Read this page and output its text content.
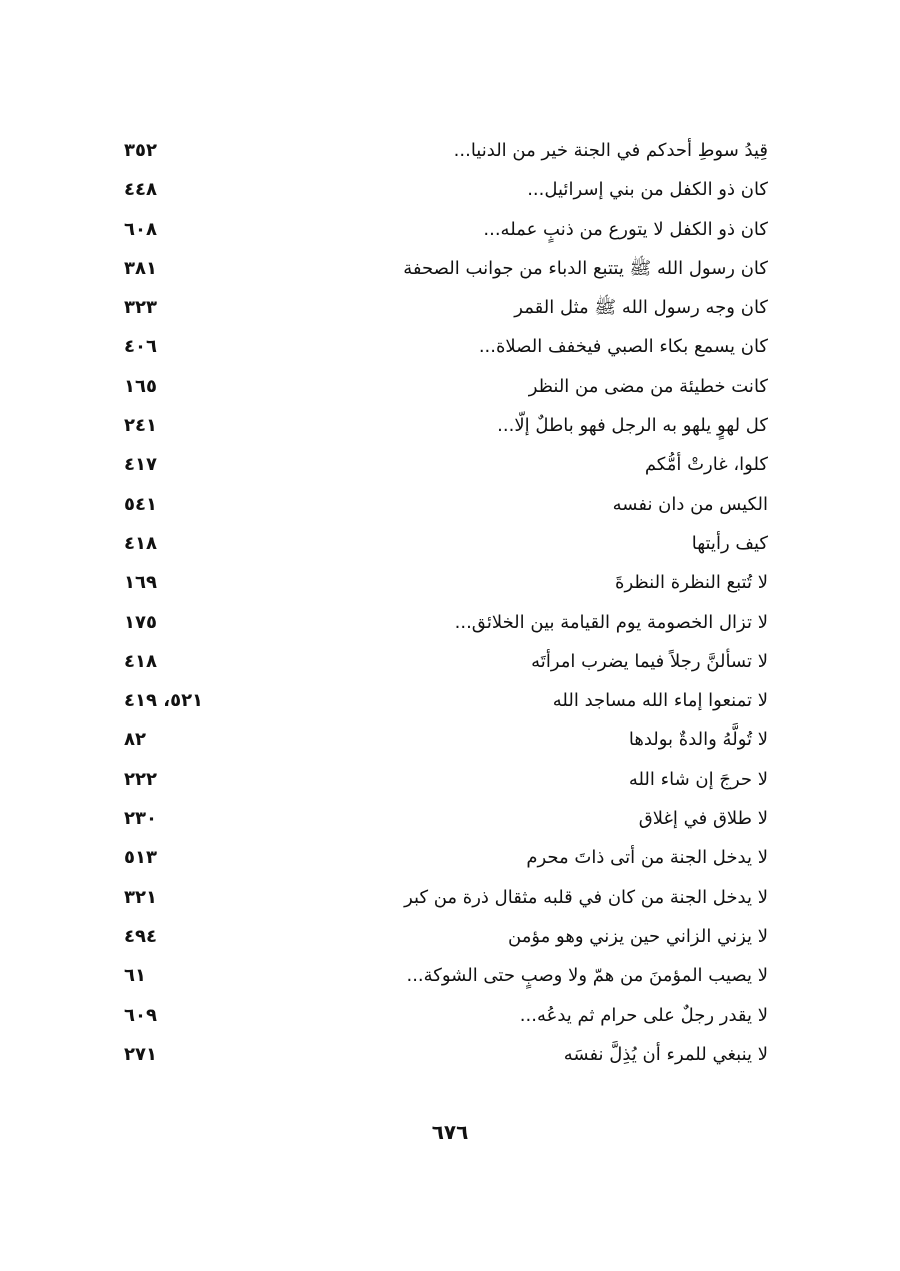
قِيدُ سوطِ أحدكم في الجنة خير من الدنيا...
٣٥٢
كان ذو الكفل من بني إسرائيل...
٤٤٨
كان ذو الكفل لا يتورع من ذنبٍ عمله...
٦٠٨
كان رسول الله ﷺ يتتبع الدباء من جوانب الصحفة
٣٨١
كان وجه رسول الله ﷺ مثل القمر
٣٢٣
كان يسمع بكاء الصبي فيخفف الصلاة...
٤٠٦
كانت خطيئة من مضى من النظر
١٦٥
كل لهوٍ يلهو به الرجل فهو باطلٌ إلّا...
٢٤١
كلوا، غارتْ أمُّكم
٤١٧
الكيس من دان نفسه
٥٤١
كيف رأيتها
٤١٨
لا تُتبع النظرة النظرةَ
١٦٩
لا تزال الخصومة يوم القيامة بين الخلائق...
١٧٥
لا تسألنَّ رجلاً فيما يضرب امرأتَه
٤١٨
لا تمنعوا إماء الله مساجد الله
٥٢١، ٤١٩
لا تُولَّهُ والدةٌ بولدها
٨٢
لا حرجَ إن شاء الله
٢٢٢
لا طلاق في إغلاق
٢٣٠
لا يدخل الجنة من أتى ذاتَ محرم
٥١٣
لا يدخل الجنة من كان في قلبه مثقال ذرة من كبر
٣٢١
لا يزني الزاني حين يزني وهو مؤمن
٤٩٤
لا يصيب المؤمنَ من همّ ولا وصبٍ حتى الشوكة...
٦١
لا يقدر رجلٌ على حرام ثم يدعُه...
٦٠٩
لا ينبغي للمرء أن يُذِلَّ نفسَه
٢٧١
٦٧٦
